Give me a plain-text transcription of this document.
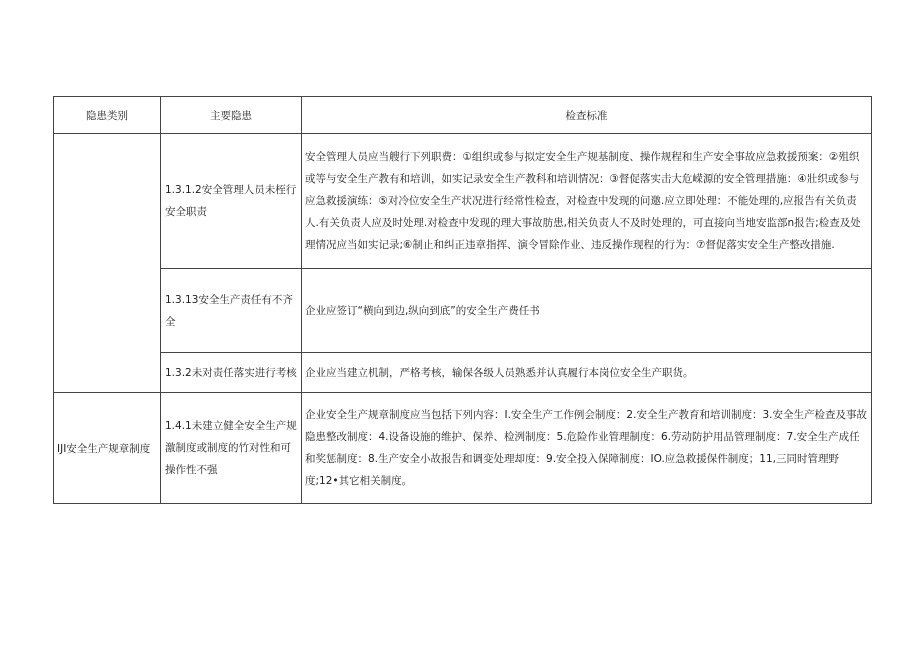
隐患类别	主要隐患	检查标准
	1.3.1.2安全管理人员未桎行安全职责	安全管理人员应当艘行下列职费：①组织或参与拟定安全生产规基制度、操作规程和生产安全事故应急救援预案：②殂织或等与安全生产教有和培训，如实记录安全生产教科和培训情况：③督促落实击大危嵘源的安全管理措施：④壯织或参与应急救援演练：⑤对冷位安全生产状况进行经常性检查，对检查中发现的问邀.应立即处理：不能处理的,应报告有关负责人.有关负责人应及时处理.对检查中发现的理大事故肪患,相关负责人不及时处理的，可直接向当地安监部n报告;检查及处理情况应当如实记录;⑥制止和纠正违章指挥、演令冒除作业、违反操作现程的行为：⑦督促落实安全生产整改措施.
	1.3.13安全生产责任有不齐全	企业应签订“横向到边,纵向到底”的安全生产费任书
	1.3.2未对责任落实进行考核	企业应当建立机制，严格考核，输保各级人员熟悉并认真履行本岗位安全生产职货。
IJI安全生产规章制度	1.4.1未建立健全安全生产规激制度或制度的竹对性和可操作性不强	企业安全生产规章制度应当包括下列内容：I.安全生产工作例会制度：2.安全生产教育和培训制度：3.安全生产检查及事故隐患整改制度：4.设备设施的维护、保养、检洌制度：5.危险作业管理制度：6.劳动防护用品管理制度：7.安全生产成任和奖惩制度：8.生产安全小故报告和调变处理却度：9.安全投入保障制度：IO.应急救援保件制度；11,三同时管理野度;12•其它相关制度。
